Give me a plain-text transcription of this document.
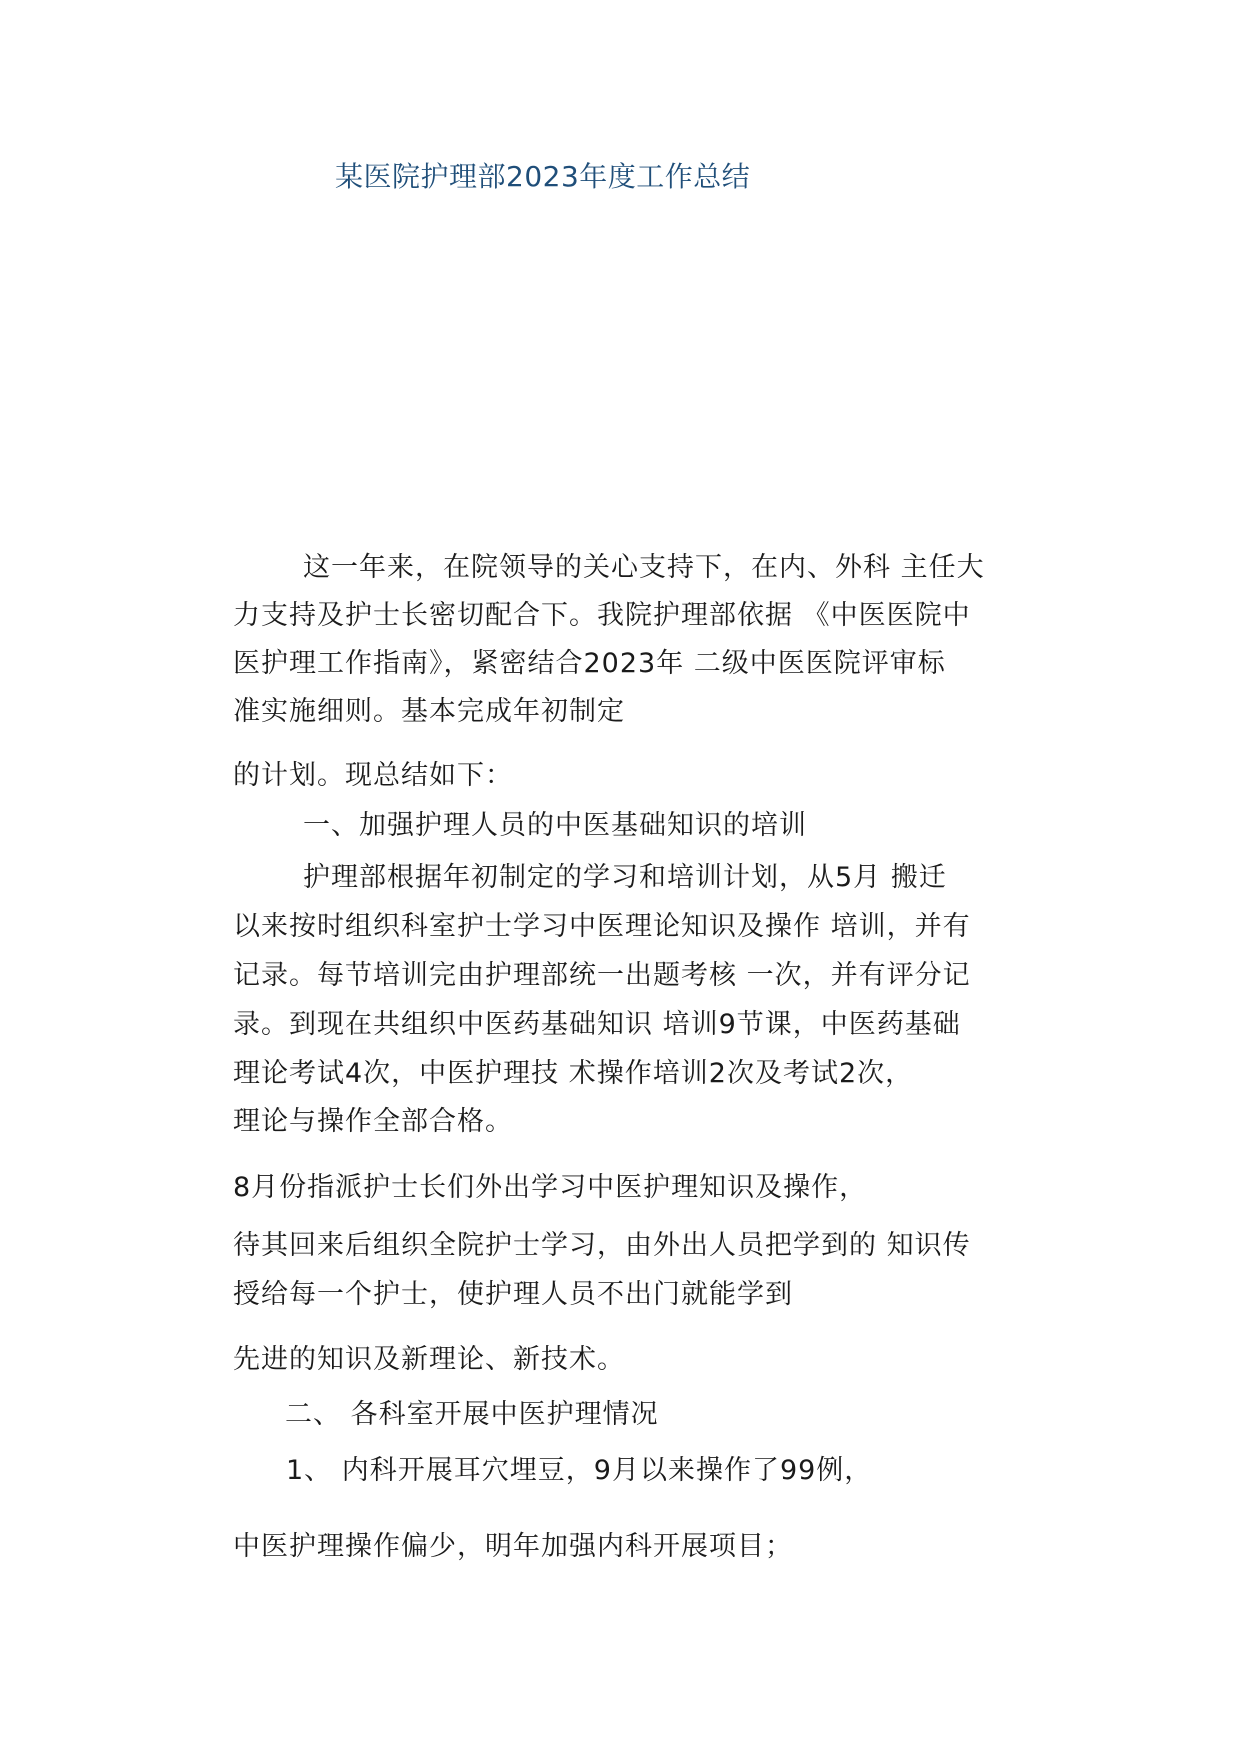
某医院护理部2023年度工作总结
这一年来，在院领导的关心支持下，在内、外科 主任大
力支持及护士长密切配合下。我院护理部依据 《中医医院中
医护理工作指南》，紧密结合2023年 二级中医医院评审标
准实施细则。基本完成年初制定
的计划。现总结如下：
一、加强护理人员的中医基础知识的培训
护理部根据年初制定的学习和培训计划，从5月 搬迁
以来按时组织科室护士学习中医理论知识及操作 培训，并有
记录。每节培训完由护理部统一出题考核 一次，并有评分记
录。到现在共组织中医药基础知识 培训9节课，中医药基础
理论考试4次，中医护理技 术操作培训2次及考试2次，
理论与操作全部合格。
8月份指派护士长们外出学习中医护理知识及操作，
待其回来后组织全院护士学习，由外出人员把学到的 知识传
授给每一个护士，使护理人员不出门就能学到
先进的知识及新理论、新技术。
二、 各科室开展中医护理情况
1、 内科开展耳穴埋豆，9月以来操作了99例，
中医护理操作偏少，明年加强内科开展项目；
